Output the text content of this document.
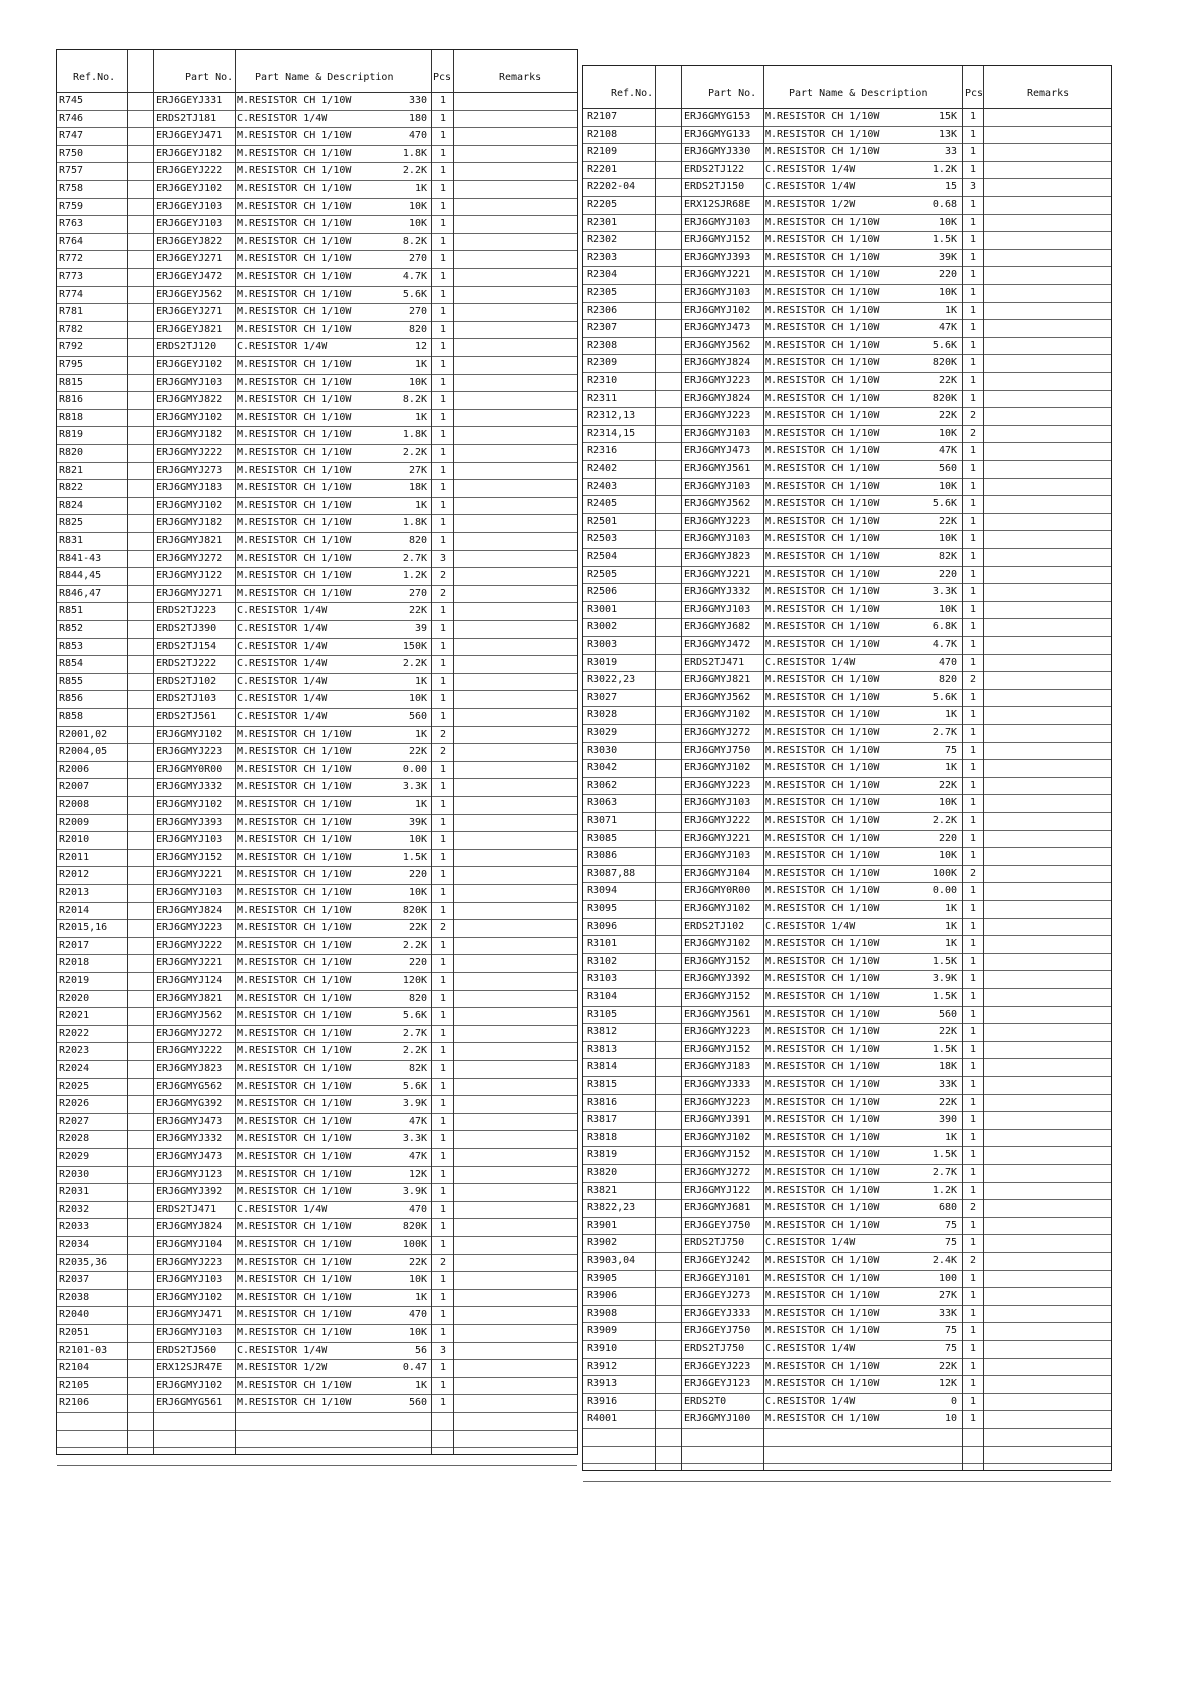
Ref.No.	Part No. Part Name & Description	Pcs	Remarks
R745	ERJ6GEYJ331 M.RESISTOR CH 1/10W	330	1
R746	ERDS2TJ181 C.RESISTOR 1/4W	180	1
R747	ERJ6GEYJ471 M.RESISTOR CH 1/10W	470	1
R750	ERJ6GEYJ182 M.RESISTOR CH 1/10W	1.8K	1
R757	ERJ6GEYJ222 M.RESISTOR CH 1/10W	2.2K	1
R758	ERJ6GEYJ102 M.RESISTOR CH 1/10W	1K	1
R759	ERJ6GEYJ103 M.RESISTOR CH 1/10W	10K	1
R763	ERJ6GEYJ103 M.RESISTOR CH 1/10W	10K	1
R764	ERJ6GEYJ822 M.RESISTOR CH 1/10W	8.2K	1
R772	ERJ6GEYJ271 M.RESISTOR CH 1/10W	270	1
R773	ERJ6GEYJ472 M.RESISTOR CH 1/10W	4.7K	1
R774	ERJ6GEYJ562 M.RESISTOR CH 1/10W	5.6K	1
R781	ERJ6GEYJ271 M.RESISTOR CH 1/10W	270	1
R782	ERJ6GEYJ821 M.RESISTOR CH 1/10W	820	1
R792	ERDS2TJ120 C.RESISTOR 1/4W	12	1
R795	ERJ6GEYJ102 M.RESISTOR CH 1/10W	1K	1
R815	ERJ6GMYJ103 M.RESISTOR CH 1/10W	10K	1
R816	ERJ6GMYJ822 M.RESISTOR CH 1/10W	8.2K	1
R818	ERJ6GMYJ102 M.RESISTOR CH 1/10W	1K	1
R819	ERJ6GMYJ182 M.RESISTOR CH 1/10W	1.8K	1
R820	ERJ6GMYJ222 M.RESISTOR CH 1/10W	2.2K	1
R821	ERJ6GMYJ273 M.RESISTOR CH 1/10W	27K	1
R822	ERJ6GMYJ183 M.RESISTOR CH 1/10W	18K	1
R824	ERJ6GMYJ102 M.RESISTOR CH 1/10W	1K	1
R825	ERJ6GMYJ182 M.RESISTOR CH 1/10W	1.8K	1
R831	ERJ6GMYJ821 M.RESISTOR CH 1/10W	820	1
R841-43	ERJ6GMYJ272 M.RESISTOR CH 1/10W	2.7K	3
R844,45	ERJ6GMYJ122 M.RESISTOR CH 1/10W	1.2K	2
R846,47	ERJ6GMYJ271 M.RESISTOR CH 1/10W	270	2
R851	ERDS2TJ223 C.RESISTOR 1/4W	22K	1
R852	ERDS2TJ390 C.RESISTOR 1/4W	39	1
R853	ERDS2TJ154 C.RESISTOR 1/4W	150K	1
R854	ERDS2TJ222 C.RESISTOR 1/4W	2.2K	1
R855	ERDS2TJ102 C.RESISTOR 1/4W	1K	1
R856	ERDS2TJ103 C.RESISTOR 1/4W	10K	1
R858	ERDS2TJ561 C.RESISTOR 1/4W	560	1
R2001,02	ERJ6GMYJ102 M.RESISTOR CH 1/10W	1K	2
R2004,05	ERJ6GMYJ223 M.RESISTOR CH 1/10W	22K	2
R2006	ERJ6GMY0R00 M.RESISTOR CH 1/10W	0.00	1
R2007	ERJ6GMYJ332 M.RESISTOR CH 1/10W	3.3K	1
R2008	ERJ6GMYJ102 M.RESISTOR CH 1/10W	1K	1
R2009	ERJ6GMYJ393 M.RESISTOR CH 1/10W	39K	1
R2010	ERJ6GMYJ103 M.RESISTOR CH 1/10W	10K	1
R2011	ERJ6GMYJ152 M.RESISTOR CH 1/10W	1.5K	1
R2012	ERJ6GMYJ221 M.RESISTOR CH 1/10W	220	1
R2013	ERJ6GMYJ103 M.RESISTOR CH 1/10W	10K	1
R2014	ERJ6GMYJ824 M.RESISTOR CH 1/10W	820K	1
R2015,16	ERJ6GMYJ223 M.RESISTOR CH 1/10W	22K	2
R2017	ERJ6GMYJ222 M.RESISTOR CH 1/10W	2.2K	1
R2018	ERJ6GMYJ221 M.RESISTOR CH 1/10W	220	1
R2019	ERJ6GMYJ124 M.RESISTOR CH 1/10W	120K	1
R2020	ERJ6GMYJ821 M.RESISTOR CH 1/10W	820	1
R2021	ERJ6GMYJ562 M.RESISTOR CH 1/10W	5.6K	1
R2022	ERJ6GMYJ272 M.RESISTOR CH 1/10W	2.7K	1
R2023	ERJ6GMYJ222 M.RESISTOR CH 1/10W	2.2K	1
R2024	ERJ6GMYJ823 M.RESISTOR CH 1/10W	82K	1
R2025	ERJ6GMYG562 M.RESISTOR CH 1/10W	5.6K	1
R2026	ERJ6GMYG392 M.RESISTOR CH 1/10W	3.9K	1
R2027	ERJ6GMYJ473 M.RESISTOR CH 1/10W	47K	1
R2028	ERJ6GMYJ332 M.RESISTOR CH 1/10W	3.3K	1
R2029	ERJ6GMYJ473 M.RESISTOR CH 1/10W	47K	1
R2030	ERJ6GMYJ123 M.RESISTOR CH 1/10W	12K	1
R2031	ERJ6GMYJ392 M.RESISTOR CH 1/10W	3.9K	1
R2032	ERDS2TJ471 C.RESISTOR 1/4W	470	1
R2033	ERJ6GMYJ824 M.RESISTOR CH 1/10W	820K	1
R2034	ERJ6GMYJ104 M.RESISTOR CH 1/10W	100K	1
R2035,36	ERJ6GMYJ223 M.RESISTOR CH 1/10W	22K	2
R2037	ERJ6GMYJ103 M.RESISTOR CH 1/10W	10K	1
R2038	ERJ6GMYJ102 M.RESISTOR CH 1/10W	1K	1
R2040	ERJ6GMYJ471 M.RESISTOR CH 1/10W	470	1
R2051	ERJ6GMYJ103 M.RESISTOR CH 1/10W	10K	1
R2101-03	ERDS2TJ560 C.RESISTOR 1/4W	56	3
R2104	ERX12SJR47E M.RESISTOR 1/2W	0.47	1
R2105	ERJ6GMYJ102 M.RESISTOR CH 1/10W	1K	1
R2106	ERJ6GMYG561 M.RESISTOR CH 1/10W	560	1
Ref.No.	Part No.	Part Name & Description	Pcs	Remarks
R2107	ERJ6GMYG153 M.RESISTOR CH 1/10W	15K	1
R2108	ERJ6GMYG133 M.RESISTOR CH 1/10W	13K	1
R2109	ERJ6GMYJ330 M.RESISTOR CH 1/10W	33	1
R2201	ERDS2TJ122 C.RESISTOR 1/4W	1.2K	1
R2202-04	ERDS2TJ150 C.RESISTOR 1/4W	15	3
R2205	ERX12SJR68E M.RESISTOR 1/2W	0.68	1
R2301	ERJ6GMYJ103 M.RESISTOR CH 1/10W	10K	1
R2302	ERJ6GMYJ152 M.RESISTOR CH 1/10W	1.5K	1
R2303	ERJ6GMYJ393 M.RESISTOR CH 1/10W	39K	1
R2304	ERJ6GMYJ221 M.RESISTOR CH 1/10W	220	1
R2305	ERJ6GMYJ103 M.RESISTOR CH 1/10W	10K	1
R2306	ERJ6GMYJ102 M.RESISTOR CH 1/10W	1K	1
R2307	ERJ6GMYJ473 M.RESISTOR CH 1/10W	47K	1
R2308	ERJ6GMYJ562 M.RESISTOR CH 1/10W	5.6K	1
R2309	ERJ6GMYJ824 M.RESISTOR CH 1/10W	820K	1
R2310	ERJ6GMYJ223 M.RESISTOR CH 1/10W	22K	1
R2311	ERJ6GMYJ824 M.RESISTOR CH 1/10W	820K	1
R2312,13	ERJ6GMYJ223 M.RESISTOR CH 1/10W	22K	2
R2314,15	ERJ6GMYJ103 M.RESISTOR CH 1/10W	10K	2
R2316	ERJ6GMYJ473 M.RESISTOR CH 1/10W	47K	1
R2402	ERJ6GMYJ561 M.RESISTOR CH 1/10W	560	1
R2403	ERJ6GMYJ103 M.RESISTOR CH 1/10W	10K	1
R2405	ERJ6GMYJ562 M.RESISTOR CH 1/10W	5.6K	1
R2501	ERJ6GMYJ223 M.RESISTOR CH 1/10W	22K	1
R2503	ERJ6GMYJ103 M.RESISTOR CH 1/10W	10K	1
R2504	ERJ6GMYJ823 M.RESISTOR CH 1/10W	82K	1
R2505	ERJ6GMYJ221 M.RESISTOR CH 1/10W	220	1
R2506	ERJ6GMYJ332 M.RESISTOR CH 1/10W	3.3K	1
R3001	ERJ6GMYJ103 M.RESISTOR CH 1/10W	10K	1
R3002	ERJ6GMYJ682 M.RESISTOR CH 1/10W	6.8K	1
R3003	ERJ6GMYJ472 M.RESISTOR CH 1/10W	4.7K	1
R3019	ERDS2TJ471 C.RESISTOR 1/4W	470	1
R3022,23	ERJ6GMYJ821 M.RESISTOR CH 1/10W	820	2
R3027	ERJ6GMYJ562 M.RESISTOR CH 1/10W	5.6K	1
R3028	ERJ6GMYJ102 M.RESISTOR CH 1/10W	1K	1
R3029	ERJ6GMYJ272 M.RESISTOR CH 1/10W	2.7K	1
R3030	ERJ6GMYJ750 M.RESISTOR CH 1/10W	75	1
R3042	ERJ6GMYJ102 M.RESISTOR CH 1/10W	1K	1
R3062	ERJ6GMYJ223 M.RESISTOR CH 1/10W	22K	1
R3063	ERJ6GMYJ103 M.RESISTOR CH 1/10W	10K	1
R3071	ERJ6GMYJ222 M.RESISTOR CH 1/10W	2.2K	1
R3085	ERJ6GMYJ221 M.RESISTOR CH 1/10W	220	1
R3086	ERJ6GMYJ103 M.RESISTOR CH 1/10W	10K	1
R3087,88	ERJ6GMYJ104 M.RESISTOR CH 1/10W	100K	2
R3094	ERJ6GMY0R00 M.RESISTOR CH 1/10W	0.00	1
R3095	ERJ6GMYJ102 M.RESISTOR CH 1/10W	1K	1
R3096	ERDS2TJ102 C.RESISTOR 1/4W	1K	1
R3101	ERJ6GMYJ102 M.RESISTOR CH 1/10W	1K	1
R3102	ERJ6GMYJ152 M.RESISTOR CH 1/10W	1.5K	1
R3103	ERJ6GMYJ392 M.RESISTOR CH 1/10W	3.9K	1
R3104	ERJ6GMYJ152 M.RESISTOR CH 1/10W	1.5K	1
R3105	ERJ6GMYJ561 M.RESISTOR CH 1/10W	560	1
R3812	ERJ6GMYJ223 M.RESISTOR CH 1/10W	22K	1
R3813	ERJ6GMYJ152 M.RESISTOR CH 1/10W	1.5K	1
R3814	ERJ6GMYJ183 M.RESISTOR CH 1/10W	18K	1
R3815	ERJ6GMYJ333 M.RESISTOR CH 1/10W	33K	1
R3816	ERJ6GMYJ223 M.RESISTOR CH 1/10W	22K	1
R3817	ERJ6GMYJ391 M.RESISTOR CH 1/10W	390	1
R3818	ERJ6GMYJ102 M.RESISTOR CH 1/10W	1K	1
R3819	ERJ6GMYJ152 M.RESISTOR CH 1/10W	1.5K	1
R3820	ERJ6GMYJ272 M.RESISTOR CH 1/10W	2.7K	1
R3821	ERJ6GMYJ122 M.RESISTOR CH 1/10W	1.2K	1
R3822,23	ERJ6GMYJ681 M.RESISTOR CH 1/10W	680	2
R3901	ERJ6GEYJ750 M.RESISTOR CH 1/10W	75	1
R3902	ERDS2TJ750 C.RESISTOR 1/4W	75	1
R3903,04	ERJ6GEYJ242 M.RESISTOR CH 1/10W	2.4K	2
R3905	ERJ6GEYJ101 M.RESISTOR CH 1/10W	100	1
R3906	ERJ6GEYJ273 M.RESISTOR CH 1/10W	27K	1
R3908	ERJ6GEYJ333 M.RESISTOR CH 1/10W	33K	1
R3909	ERJ6GEYJ750 M.RESISTOR CH 1/10W	75	1
R3910	ERDS2TJ750 C.RESISTOR 1/4W	75	1
R3912	ERJ6GEYJ223 M.RESISTOR CH 1/10W	22K	1
R3913	ERJ6GEYJ123 M.RESISTOR CH 1/10W	12K	1
R3916	ERDS2T0	C.RESISTOR 1/4W	0	1
R4001	ERJ6GMYJ100 M.RESISTOR CH 1/10W	10	1
